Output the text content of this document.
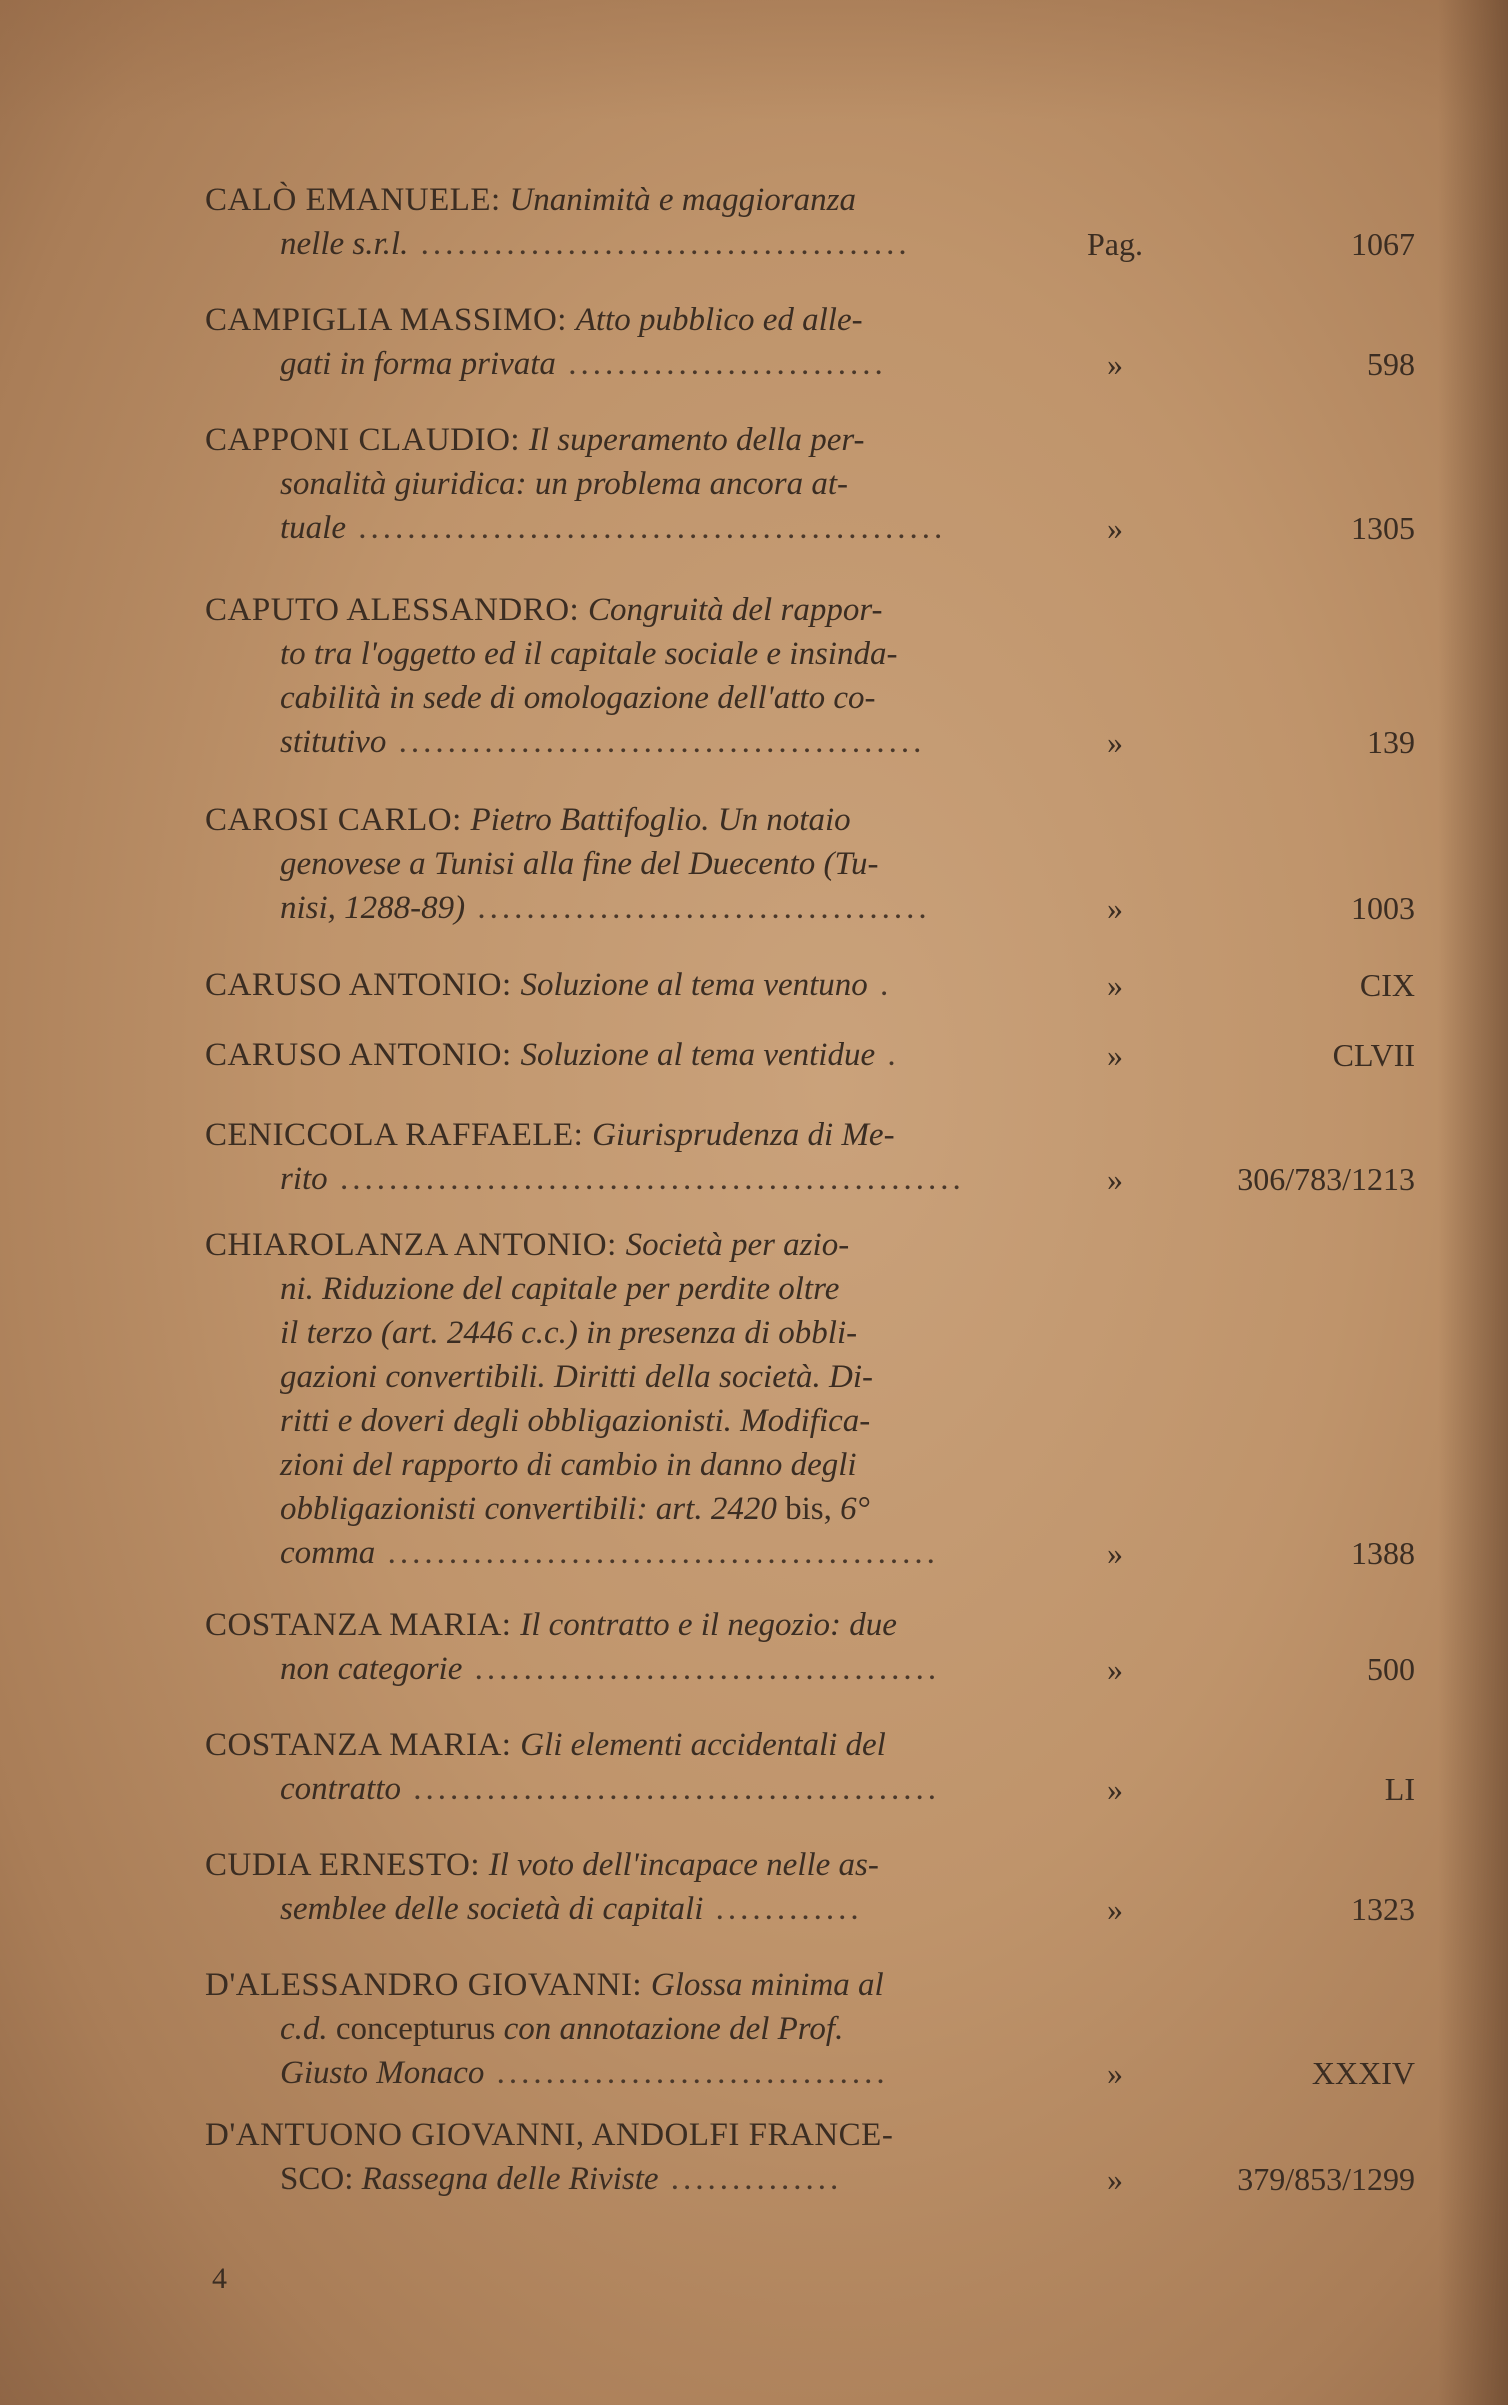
CALÒ EMANUELE: Unanimità e maggioranza
nelle s.r.l. ........................................	Pag.	1067
CAMPIGLIA MASSIMO: Atto pubblico ed alle-
gati in forma privata ..........................	»	598
CAPPONI CLAUDIO: Il superamento della per-
sonalità giuridica: un problema ancora at-
tuale ................................................	»	1305
CAPUTO ALESSANDRO: Congruità del rappor-
to tra l'oggetto ed il capitale sociale e insinda-
cabilità in sede di omologazione dell'atto co-
stitutivo ...........................................	»	139
CAROSI CARLO: Pietro Battifoglio. Un notaio
genovese a Tunisi alla fine del Duecento (Tu-
nisi, 1288-89) .....................................	»	1003
CARUSO ANTONIO: Soluzione al tema ventuno .	»	CIX
CARUSO ANTONIO: Soluzione al tema ventidue .	»	CLVII
CENICCOLA RAFFAELE: Giurisprudenza di Me-
rito ...................................................	»	306/783/1213
CHIAROLANZA ANTONIO: Società per azio-
ni. Riduzione del capitale per perdite oltre
il terzo (art. 2446 c.c.) in presenza di obbli-
gazioni convertibili. Diritti della società. Di-
ritti e doveri degli obbligazionisti. Modifica-
zioni del rapporto di cambio in danno degli
obbligazionisti convertibili: art. 2420 bis, 6°
comma .............................................	»	1388
COSTANZA MARIA: Il contratto e il negozio: due
non categorie ......................................	»	500
COSTANZA MARIA: Gli elementi accidentali del
contratto ...........................................	»	LI
CUDIA ERNESTO: Il voto dell'incapace nelle as-
semblee delle società di capitali ............	»	1323
D'ALESSANDRO GIOVANNI: Glossa minima al
c.d. concepturus con annotazione del Prof.
Giusto Monaco ................................	»	XXXIV
D'ANTUONO GIOVANNI, ANDOLFI FRANCE-
SCO: Rassegna delle Riviste ..............	»	379/853/1299
4
